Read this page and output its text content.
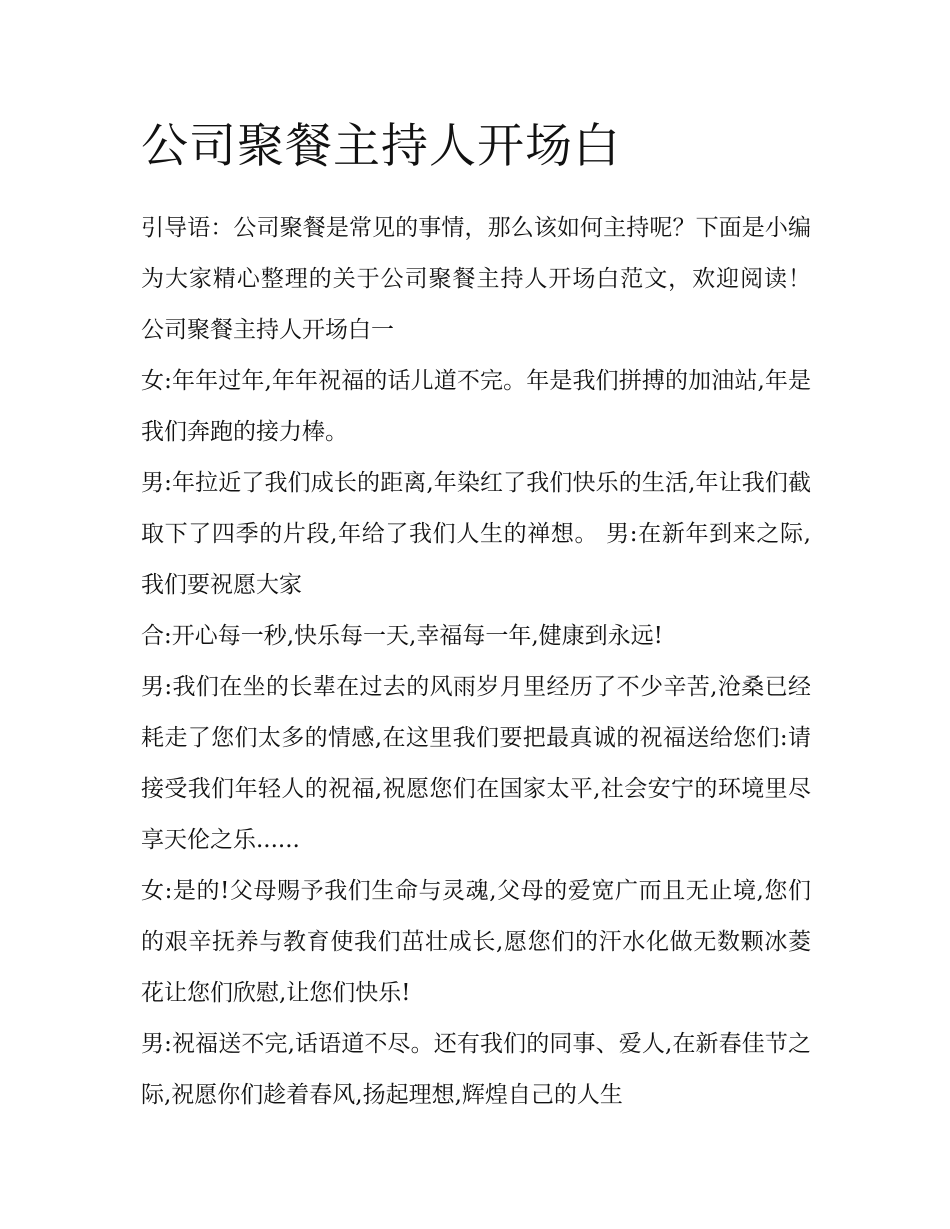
公司聚餐主持人开场白

引导语：公司聚餐是常见的事情，那么该如何主持呢？下面是小编为大家精心整理的关于公司聚餐主持人开场白范文，欢迎阅读！ 公司聚餐主持人开场白一

女:年年过年,年年祝福的话儿道不完。年是我们拼搏的加油站,年是我们奔跑的接力棒。

男:年拉近了我们成长的距离,年染红了我们快乐的生活,年让我们截取下了四季的片段,年给了我们人生的禅想。 男:在新年到来之际,我们要祝愿大家

合:开心每一秒,快乐每一天,幸福每一年,健康到永远!

男:我们在坐的长辈在过去的风雨岁月里经历了不少辛苦,沧桑已经耗走了您们太多的情感,在这里我们要把最真诚的祝福送给您们:请接受我们年轻人的祝福,祝愿您们在国家太平,社会安宁的环境里尽享天伦之乐......

女:是的!父母赐予我们生命与灵魂,父母的爱宽广而且无止境,您们的艰辛抚养与教育使我们茁壮成长,愿您们的汗水化做无数颗冰菱花让您们欣慰,让您们快乐!

男:祝福送不完,话语道不尽。还有我们的同事、爱人,在新春佳节之际,祝愿你们趁着春风,扬起理想,辉煌自己的人生
